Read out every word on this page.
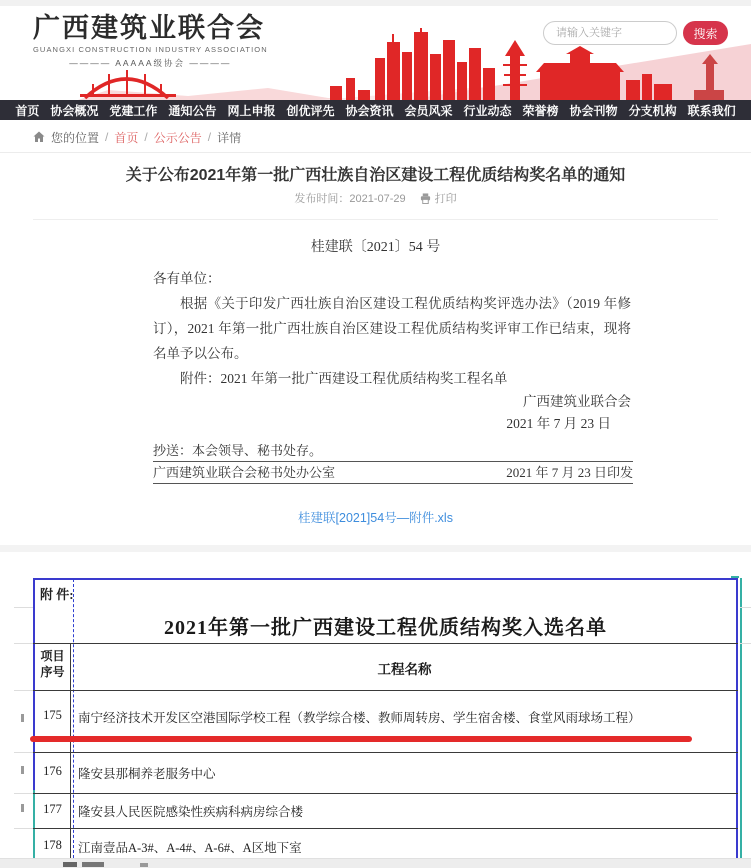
广西建筑业联合会
GUANGXI CONSTRUCTION INDUSTRY ASSOCIATION
———— AAAAA级协会 ————
请输入关键字
搜索
首页 协会概况 党建工作 通知公告 网上申报 创优评先 协会资讯 会员风采 行业动态 荣誉榜 协会刊物 分支机构 联系我们
您的位置 / 首页 / 公示公告 / 详情
关于公布2021年第一批广西壮族自治区建设工程优质结构奖名单的通知
发布时间：2021-07-29	打印
桂建联〔2021〕54 号

各有单位：

根据《关于印发广西壮族自治区建设工程优质结构奖评选办法》（2019 年修订），2021 年第一批广西壮族自治区建设工程优质结构奖评审工作已结束，现将名单予以公布。

附件：2021 年第一批广西建设工程优质结构奖工程名单

广西建筑业联合会
2021 年 7 月 23 日
抄送：本会领导、秘书处存。
广西建筑业联合会秘书处办公室	2021 年 7 月 23 日印发
桂建联[2021]54号—附件.xls
附 件:
2021年第一批广西建设工程优质结构奖入选名单
项目
序号	工程名称
175	南宁经济技术开发区空港国际学校工程（教学综合楼、教师周转房、学生宿舍楼、食堂风雨球场工程）
176	隆安县那桐养老服务中心
177	隆安县人民医院感染性疾病科病房综合楼
178	江南壹品A-3#、A-4#、A-6#、A区地下室
